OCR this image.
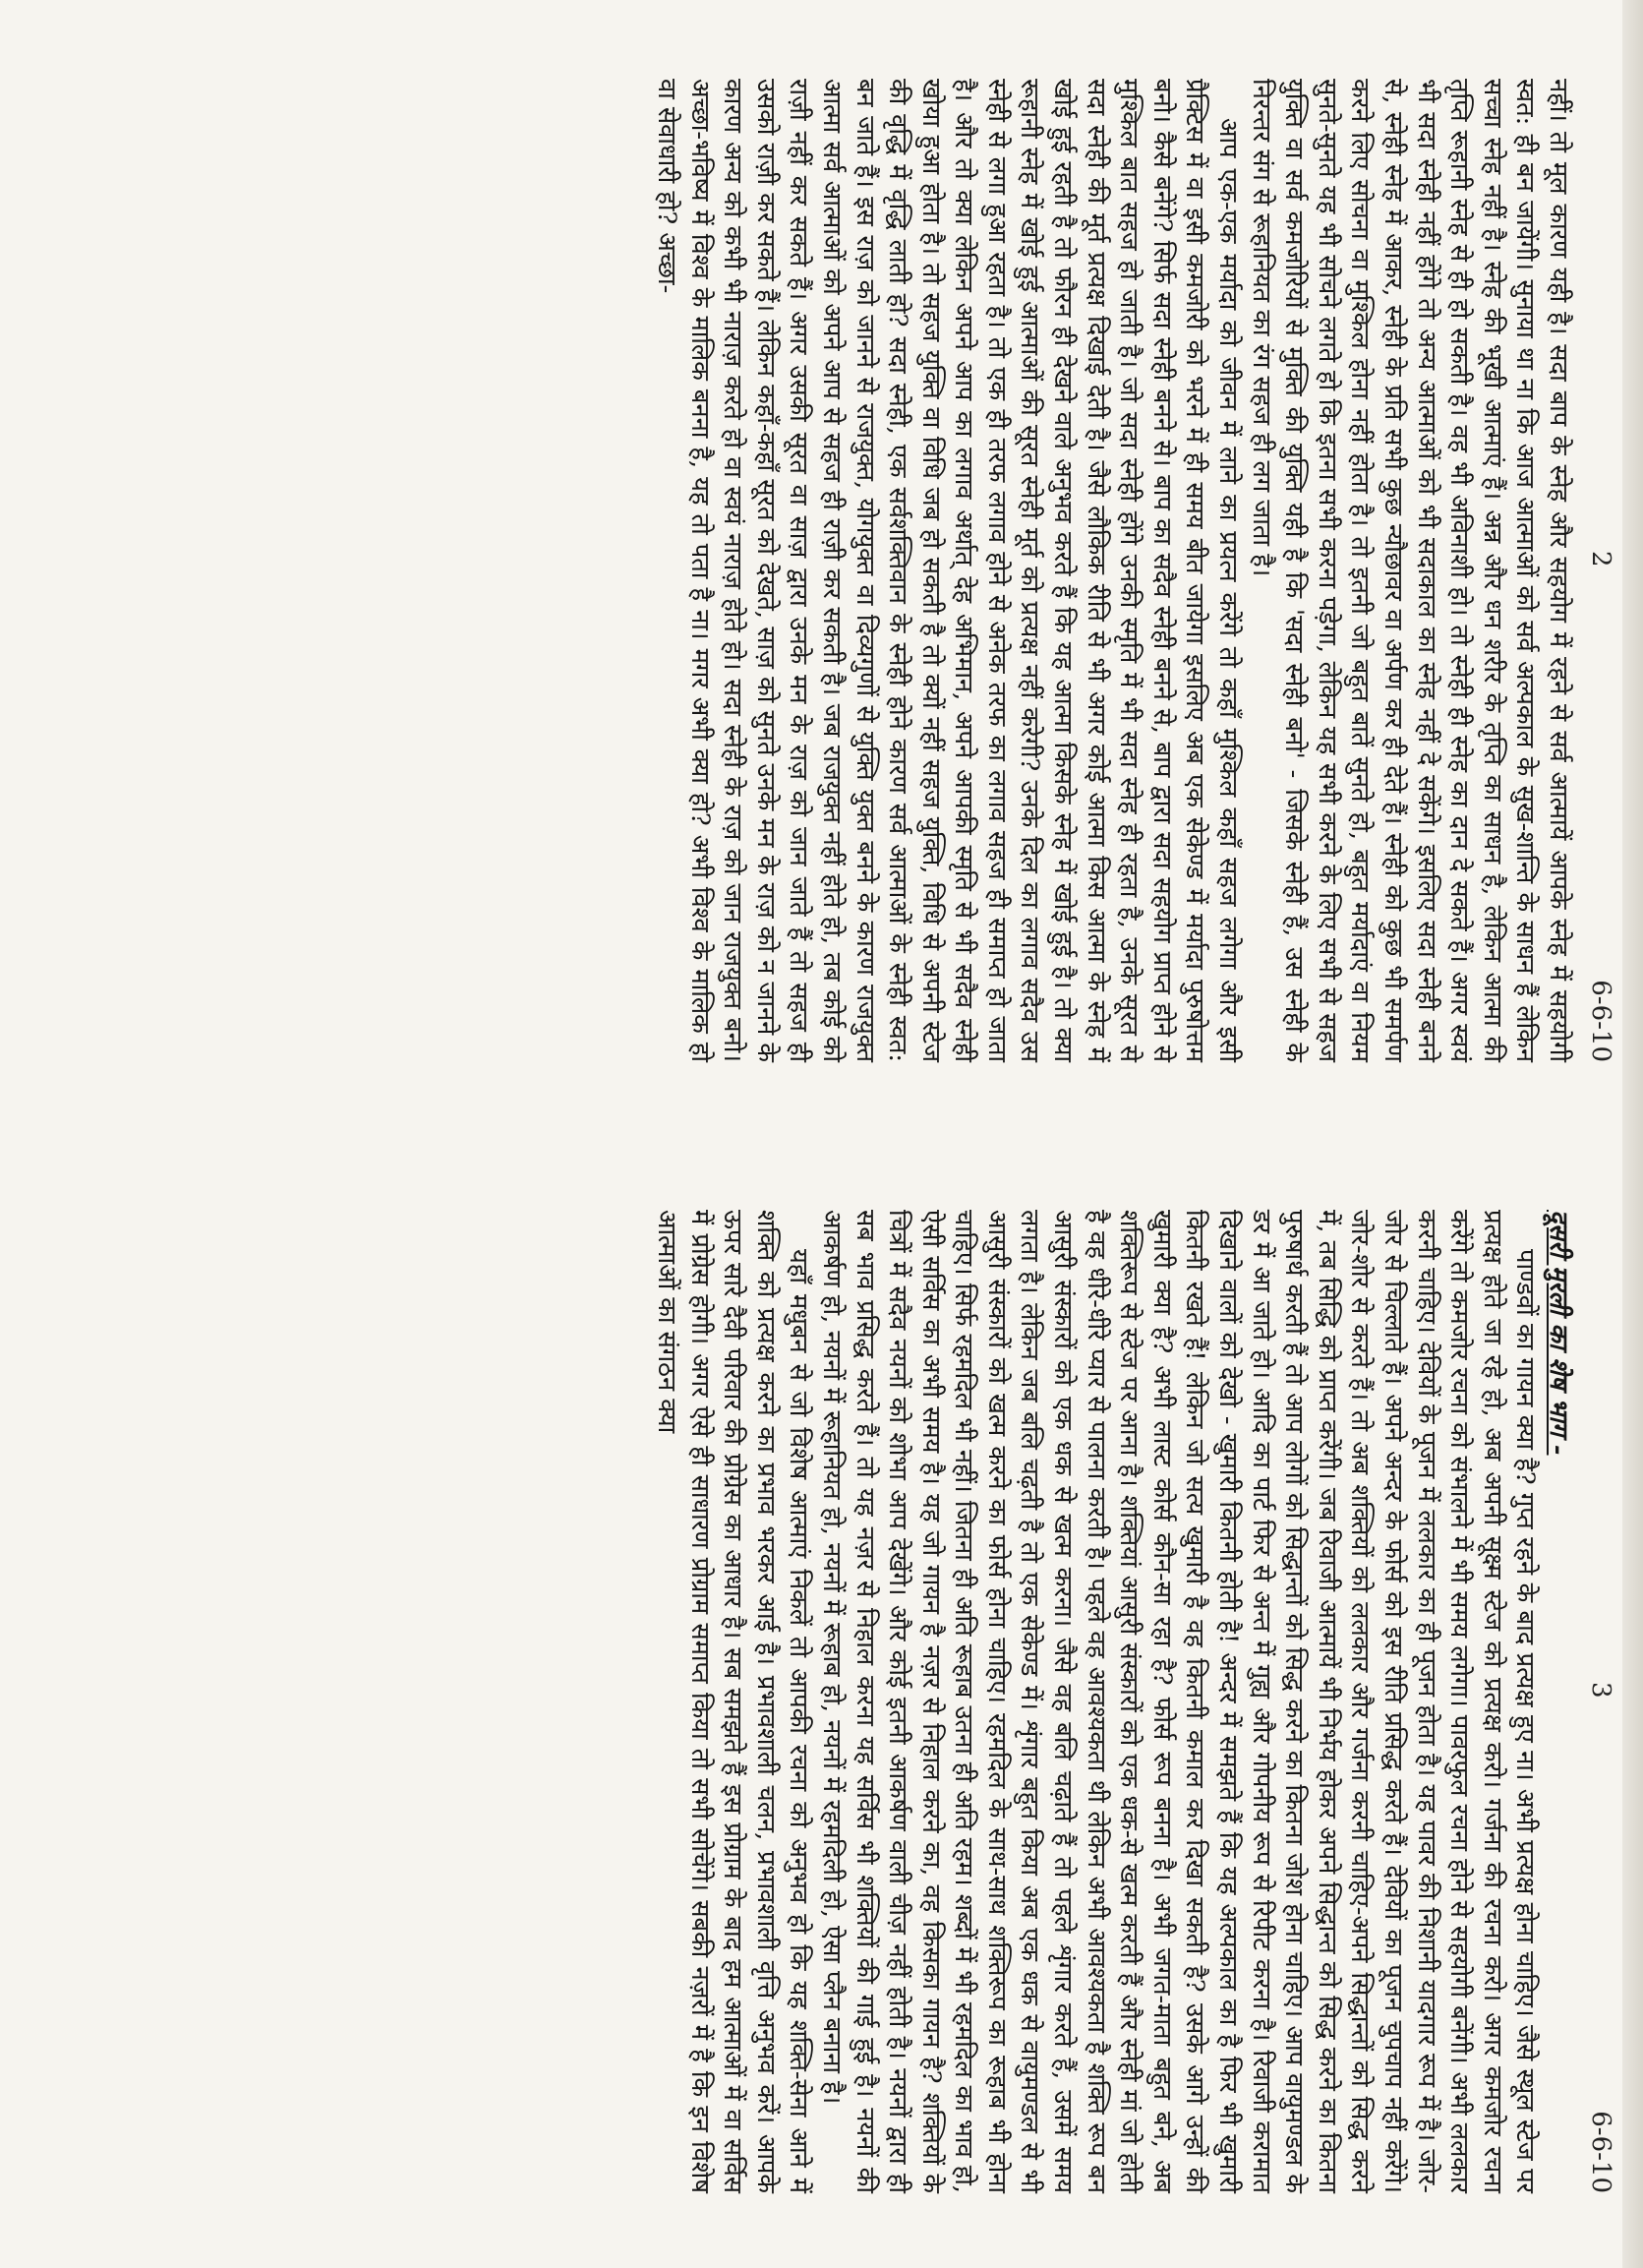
2
6-6-10

नहीं। तो मूल कारण यही है। सदा बाप के स्नेह और सहयोग में रहने से सर्व आत्मायें आपके स्नेह में सहयोगी स्वत: ही बन जायेंगी। सुनाया था ना कि आज आत्माओं को सर्व अल्पकाल के सुख-शान्ति के साधन हैं लेकिन सच्चा स्नेह नहीं है। स्नेह की भूखी आत्माएं हैं। अन्न और धन शरीर के तृप्ति का साधन है, लेकिन आत्मा की तृप्ति रूहानी स्नेह से ही हो सकती है। वह भी अविनाशी हो। तो स्नेही ही स्नेह का दान दे सकते हैं। अगर स्वयं भी सदा स्नेही नहीं होंगे तो अन्य आत्माओं को भी सदाकाल का स्नेह नहीं दे सकेंगे। इसलिए सदा स्नेही बनने से, स्नेही स्नेह में आकर, स्नेही के प्रति सभी कुछ न्यौछावर वा अर्पण कर ही देते हैं। स्नेही को कुछ भी समर्पण करने लिए सोचना वा मुश्किल होना नहीं होता है। तो इतनी जो बहुत बातें सुनते हो, बहुत मर्यादाएं वा नियम सुनते-सुनते यह भी सोचने लगते हो कि इतना सभी करना पड़ेगा, लेकिन यह सभी करने के लिए सभी से सहज युक्ति वा सर्व कमजोरियों से मुक्ति की युक्ति यही है कि 'सदा स्नेही बनो' - जिसके स्नेही हैं, उस स्नेही के निरन्तर संग से रूहानियत का रंग सहज ही लग जाता है।

आप एक-एक मर्यादा को जीवन में लाने का प्रयत्न करेंगे तो कहाँ मुश्किल कहाँ सहज लगेगा और इसी प्रैक्टिस में वा इसी कमजोरी को भरने में ही समय बीत जायेगा इसलिए अब एक सेकेण्ड में मर्यादा पुरुषोत्तम बनो। कैसे बनेंगे? सिर्फ सदा स्नेही बनने से। बाप का सदैव स्नेही बनने से, बाप द्वारा सदा सहयोग प्राप्त होने से मुश्किल बात सहज हो जाती है। जो सदा स्नेही होंगे उनकी स्मृति में भी सदा स्नेह ही रहता है, उनके सूरत से सदा स्नेही की मूर्त प्रत्यक्ष दिखाई देती है। जैसे लौकिक रीति से भी अगर कोई आत्मा किस आत्मा के स्नेह में खोई हुई रहती है तो फौरन ही देखने वाले अनुभव करते हैं कि यह आत्मा किसके स्नेह में खोई हुई है। तो क्या रूहानी स्नेह में खोई हुई आत्माओं की सूरत स्नेही मूर्त को प्रत्यक्ष नहीं करेगी? उनके दिल का लगाव सदैव उस स्नेही से लगा हुआ रहता है। तो एक ही तरफ लगाव होने से अनेक तरफ का लगाव सहज ही समाप्त हो जाता है। और तो क्या लेकिन अपने आप का लगाव अर्थात् देह अभिमान, अपने आपकी स्मृति से भी सदैव स्नेही खोया हुआ होता है। तो सहज युक्ति वा विधि जब हो सकती है तो क्यों नहीं सहज युक्ति, विधि से अपनी स्टेज की वृद्धि में वृद्धि लाती हो? सदा स्नेही, एक सर्वशक्तिवान के स्नेही होने कारण सर्व आत्माओं के स्नेही स्वत: बन जाते हैं। इस राज़ को जानने से राजयुक्त, योगयुक्त वा दिव्यगुणों से युक्ति युक्त बनने के कारण राजयुक्त आत्मा सर्व आत्माओं को अपने आप से सहज ही राज़ी कर सकती है। जब राजयुक्त नहीं होते हो, तब कोई को राज़ी नहीं कर सकते हैं। अगर उसकी सूरत वा साज़ द्वारा उनके मन के राज़ को जान जाते हैं तो सहज ही उसको राज़ी कर सकते हैं। लेकिन कहाँ-कहाँ सूरत को देखते, साज़ को सुनते उनके मन के राज़ को न जानने के कारण अन्य को कभी भी नाराज़ करते हो वा स्वयं नाराज़ होते हो। सदा स्नेही के राज़ को जान राजयुक्त बनो। अच्छा-भविष्य में विश्व के मालिक बनना है, यह तो पता है ना। मगर अभी क्या हो? अभी विश्व के मालिक हो वा सेवाधारी हो? अच्छा-

3
6-6-10

दूसरी मुरली का शेष भाग -

पाण्डवों का गायन क्या है? गुप्त रहने के बाद प्रत्यक्ष हुए ना। अभी प्रत्यक्ष होना चाहिए। जैसे स्थूल स्टेज पर प्रत्यक्ष होते जा रहे हो, अब अपनी सूक्ष्म स्टेज को प्रत्यक्ष करो। गर्जना की रचना करो। अगर कमजोर रचना करेंगे तो कमजोर रचना को संभालने में भी समय लगेगा। पावरफुल रचना होने से सहयोगी बनेंगी। अभी ललकार करनी चाहिए। देवियों के पूजन में ललकार का ही पूजन होता है। यह पावर की निशानी यादगार रूप में है। जोर-जोर से चिल्लाते हैं। अपने अन्दर के फोर्स को इस रीति प्रसिद्ध करते हैं। देवियों का पूजन चुपचाप नहीं करेंगे। जोर-शोर से करते हैं। तो अब शक्तियों को ललकार और गर्जना करनी चाहिए-अपने सिद्धान्तों को सिद्ध करने में, तब सिद्धि को प्राप्त करेंगी। जब रिवाजी आत्मायें भी निर्भय होकर अपने सिद्धान्त को सिद्ध करने का कितना पुरुषार्थ करती हैं तो आप लोगों को सिद्धान्तों को सिद्ध करने का कितना जोश होना चाहिए। आप वायुमण्डल के डर में आ जाते हो। आदि का पार्ट फिर से अन्त में गुह्य और गोपनीय रूप से रिपीट करना है। रिवाजी करामात दिखाने वालों को देखो - खुमारी कितनी होती है! अन्दर में समझते हैं कि यह अल्पकाल का है फिर भी खुमारी कितनी रखते हैं! लेकिन जो सत्य खुमारी है वह कितनी कमाल कर दिखा सकती है? उसके आगे उन्हों की खुमारी क्या है? अभी लास्ट कोर्स कौन-सा रहा है? फोर्स रूप बनना है। अभी जगत-माता बहुत बने, अब शक्तिरूप से स्टेज पर आना है। शक्तियां आसुरी संस्कारों को एक धक-से खत्म करती हैं और स्नेही मां जो होती है वह धीरे-धीरे प्यार से पालना करती है। पहले वह आवश्यकता थी लेकिन अभी आवश्यकता है शक्ति रूप बन आसुरी संस्कारों को एक धक से खत्म करना। जैसे वह बलि चढ़ाते हैं तो पहले शृंगार करते हैं, उसमें समय लगता है। लेकिन जब बलि चढ़ती है तो एक सेकेण्ड में। शृंगार बहुत किया अब एक धक से वायुमण्डल से भी आसुरी संस्कारों को खत्म करने का फोर्स होना चाहिए। रहमदिल के साथ-साथ शक्तिरूप का रूहाब भी होना चाहिए। सिर्फ रहमदिल भी नहीं। जितना ही अति रूहाब उतना ही अति रहम। शब्दों में भी रहमदिल का भाव हो, ऐसी सर्विस का अभी समय है। यह जो गायन है नज़र से निहाल करने का, वह किसका गायन है? शक्तियों के चित्रों में सदैव नयनों को शोभा आप देखेंगे। और कोई इतनी आकर्षण वाली चीज़ नहीं होती है। नयनों द्वारा ही सब भाव प्रसिद्ध करते हैं। तो यह नज़र से निहाल करना यह सर्विस भी शक्तियों की गाई हुई है। नयनों की आकर्षण हो, नयनों में रूहानियत हो, नयनों में रूहाब हो, नयनों में रहमदिली हो, ऐसा प्लैन बनाना है।

यहाँ मधुबन से जो विशेष आत्माएं निकलें तो आपकी रचना को अनुभव हो कि यह शक्ति-सेना आने में शक्ति को प्रत्यक्ष करने का प्रभाव भरकर आई है। प्रभावशाली चलन, प्रभावशाली वृत्ति अनुभव करें। आपके ऊपर सारे दैवी परिवार की प्रोग्रेस का आधार है। सब समझते हैं इस प्रोग्राम के बाद हम आत्माओं में वा सर्विस में प्रोग्रेस होगी। अगर ऐसे ही साधारण प्रोग्राम समाप्त किया तो सभी सोचेंगे। सबकी नज़रों में है कि इन विशेष आत्माओं का संगठन क्या
